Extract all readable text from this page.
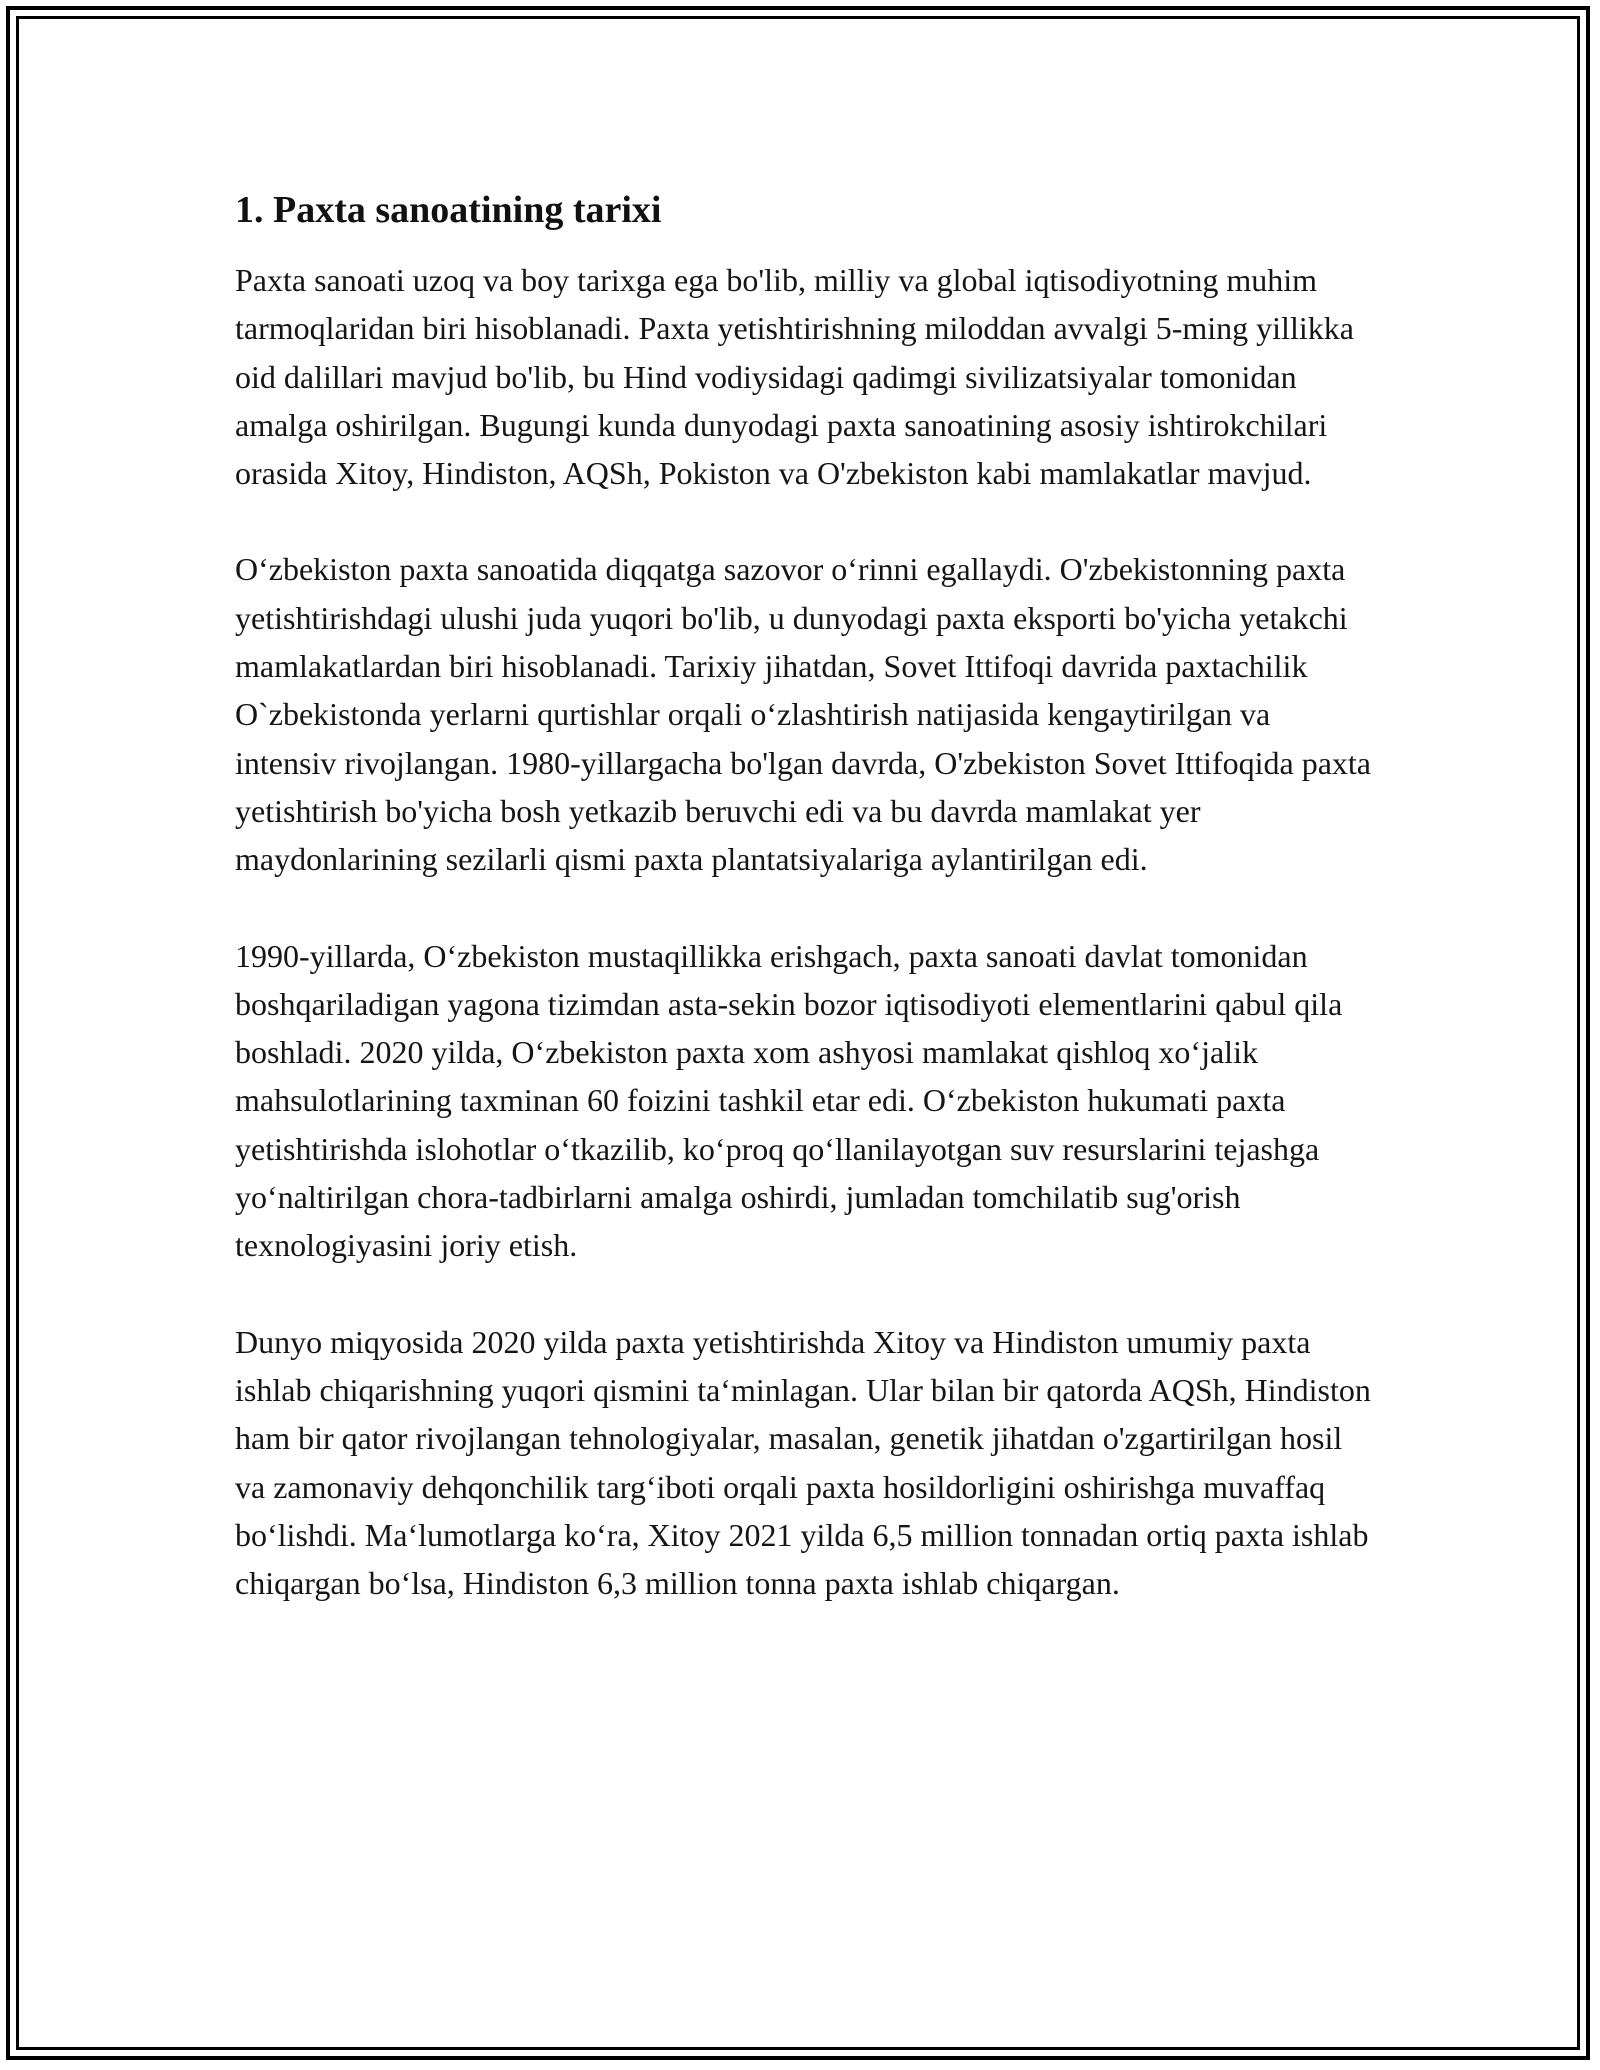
1. Paxta sanoatining tarixi

Paxta sanoati uzoq va boy tarixga ega bo'lib, milliy va global iqtisodiyotning muhim tarmoqlaridan biri hisoblanadi. Paxta yetishtirishning miloddan avvalgi 5-ming yillikka oid dalillari mavjud bo'lib, bu Hind vodiysidagi qadimgi sivilizatsiyalar tomonidan amalga oshirilgan. Bugungi kunda dunyodagi paxta sanoatining asosiy ishtirokchilari orasida Xitoy, Hindiston, AQSh, Pokiston va O'zbekiston kabi mamlakatlar mavjud.

O‘zbekiston paxta sanoatida diqqatga sazovor o‘rinni egallaydi. O'zbekistonning paxta yetishtirishdagi ulushi juda yuqori bo'lib, u dunyodagi paxta eksporti bo'yicha yetakchi mamlakatlardan biri hisoblanadi. Tarixiy jihatdan, Sovet Ittifoqi davrida paxtachilik O`zbekistonda yerlarni qurtishlar orqali o‘zlashtirish natijasida kengaytirilgan va intensiv rivojlangan. 1980-yillargacha bo'lgan davrda, O'zbekiston Sovet Ittifoqida paxta yetishtirish bo'yicha bosh yetkazib beruvchi edi va bu davrda mamlakat yer maydonlarining sezilarli qismi paxta plantatsiyalariga aylantirilgan edi.

1990-yillarda, O‘zbekiston mustaqillikka erishgach, paxta sanoati davlat tomonidan boshqariladigan yagona tizimdan asta-sekin bozor iqtisodiyoti elementlarini qabul qila boshladi. 2020 yilda, O‘zbekiston paxta xom ashyosi mamlakat qishloq xo‘jalik mahsulotlarining taxminan 60 foizini tashkil etar edi. O‘zbekiston hukumati paxta yetishtirishda islohotlar o‘tkazilib, ko‘proq qo‘llanilayotgan suv resurslarini tejashga yo‘naltirilgan chora-tadbirlarni amalga oshirdi, jumladan tomchilatib sug'orish texnologiyasini joriy etish.

Dunyo miqyosida 2020 yilda paxta yetishtirishda Xitoy va Hindiston umumiy paxta ishlab chiqarishning yuqori qismini ta‘minlagan. Ular bilan bir qatorda AQSh, Hindiston ham bir qator rivojlangan tehnologiyalar, masalan, genetik jihatdan o'zgartirilgan hosil va zamonaviy dehqonchilik targ‘iboti orqali paxta hosildorligini oshirishga muvaffaq bo‘lishdi. Ma‘lumotlarga ko‘ra, Xitoy 2021 yilda 6,5 million tonnadan ortiq paxta ishlab chiqargan bo‘lsa, Hindiston 6,3 million tonna paxta ishlab chiqargan.
